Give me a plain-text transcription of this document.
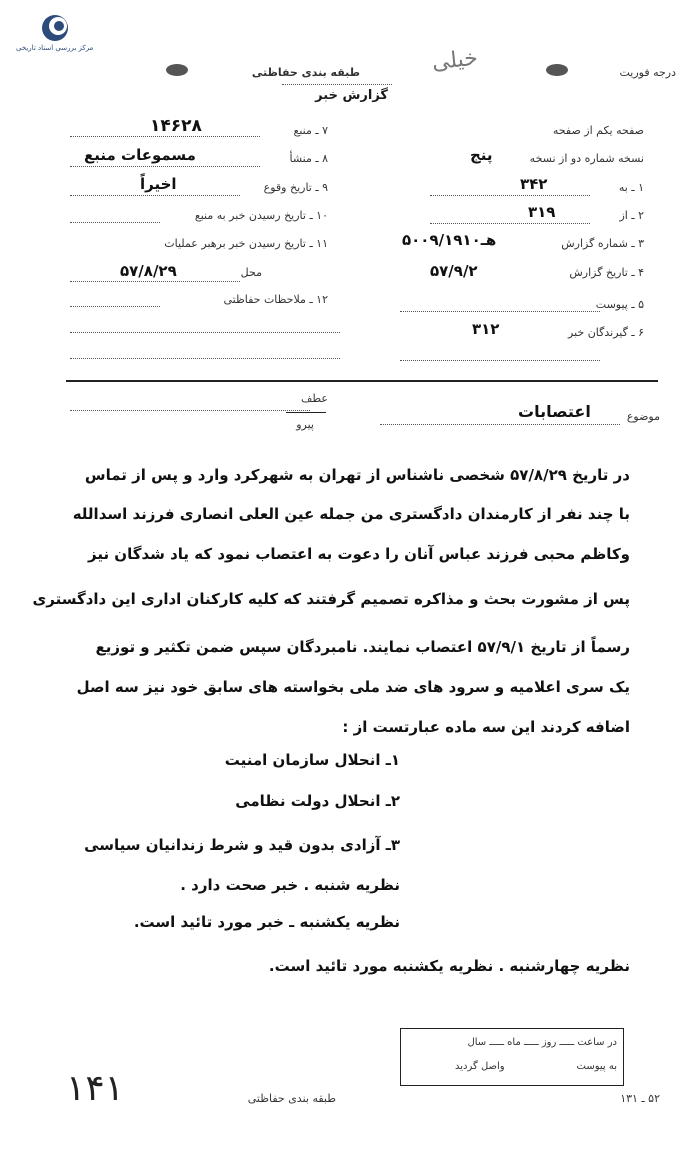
مرکز بررسی اسناد تاریخی
درجه فوریت
خیلی
طبقه بندی حفاظتی
گزارش خبر
۷ ـ منبع
۱۴۶۲۸
۸ ـ منشأ
مسموعات منبع
۹ ـ تاریخ وقوع
اخیراً
۱۰ ـ تاریخ رسیدن خبر به منبع
۱۱ ـ تاریخ رسیدن خبر برهبر عملیات
محل
۵۷/۸/۲۹
۱۲ ـ ملاحظات حفاظتی
صفحه یکم از صفحه
نسخه شماره دو از نسخه
پنج
۱ ـ به
۳۴۲
۲ ـ از
۳۱۹
۳ ـ شماره گزارش
۵۰۰۹/۱۹۱۰هـ
۴ ـ تاریخ گزارش
۵۷/۹/۲
۵ ـ پیوست
۶ ـ گیرندگان خبر
۳۱۲
عطف
پیرو
موضوع
اعتصابات
در تاریخ ۵۷/۸/۲۹ شخصی ناشناس از تهران به شهرکرد وارد و پس از تماس
با چند نفر از کارمندان دادگستری من جمله عین العلی انصاری فرزند اسدالله
وکاظم محبی فرزند عباس آنان را دعوت به اعتصاب نمود که یاد شدگان نیز
پس از مشورت بحث و مذاکره تصمیم گرفتند که کلیه کارکنان اداری این دادگستری
رسماً از تاریخ ۵۷/۹/۱ اعتصاب نمایند. نامبردگان سپس ضمن تکثیر و توزیع
یک سری اعلامیه و سرود های ضد ملی بخواسته های سابق خود نیز سه اصل
اضافه کردند این سه ماده عبارتست از :
۱ـ انحلال سازمان امنیت
۲ـ انحلال دولت نظامی
۳ـ آزادی بدون قید و شرط زندانیان سیاسی
نظریه شنبه . خبر صحت دارد .
نظریه یکشنبه ـ خبر مورد تائید است.
نظریه چهارشنبه . نظریه یکشنبه مورد تائید است.
در ساعت ـــــ روز ـــــ ماه ـــــ سال
به پیوست
واصل گردید
۱۴۱	طبقه بندی حفاظتی	۵۲ ـ ۱۳۱
